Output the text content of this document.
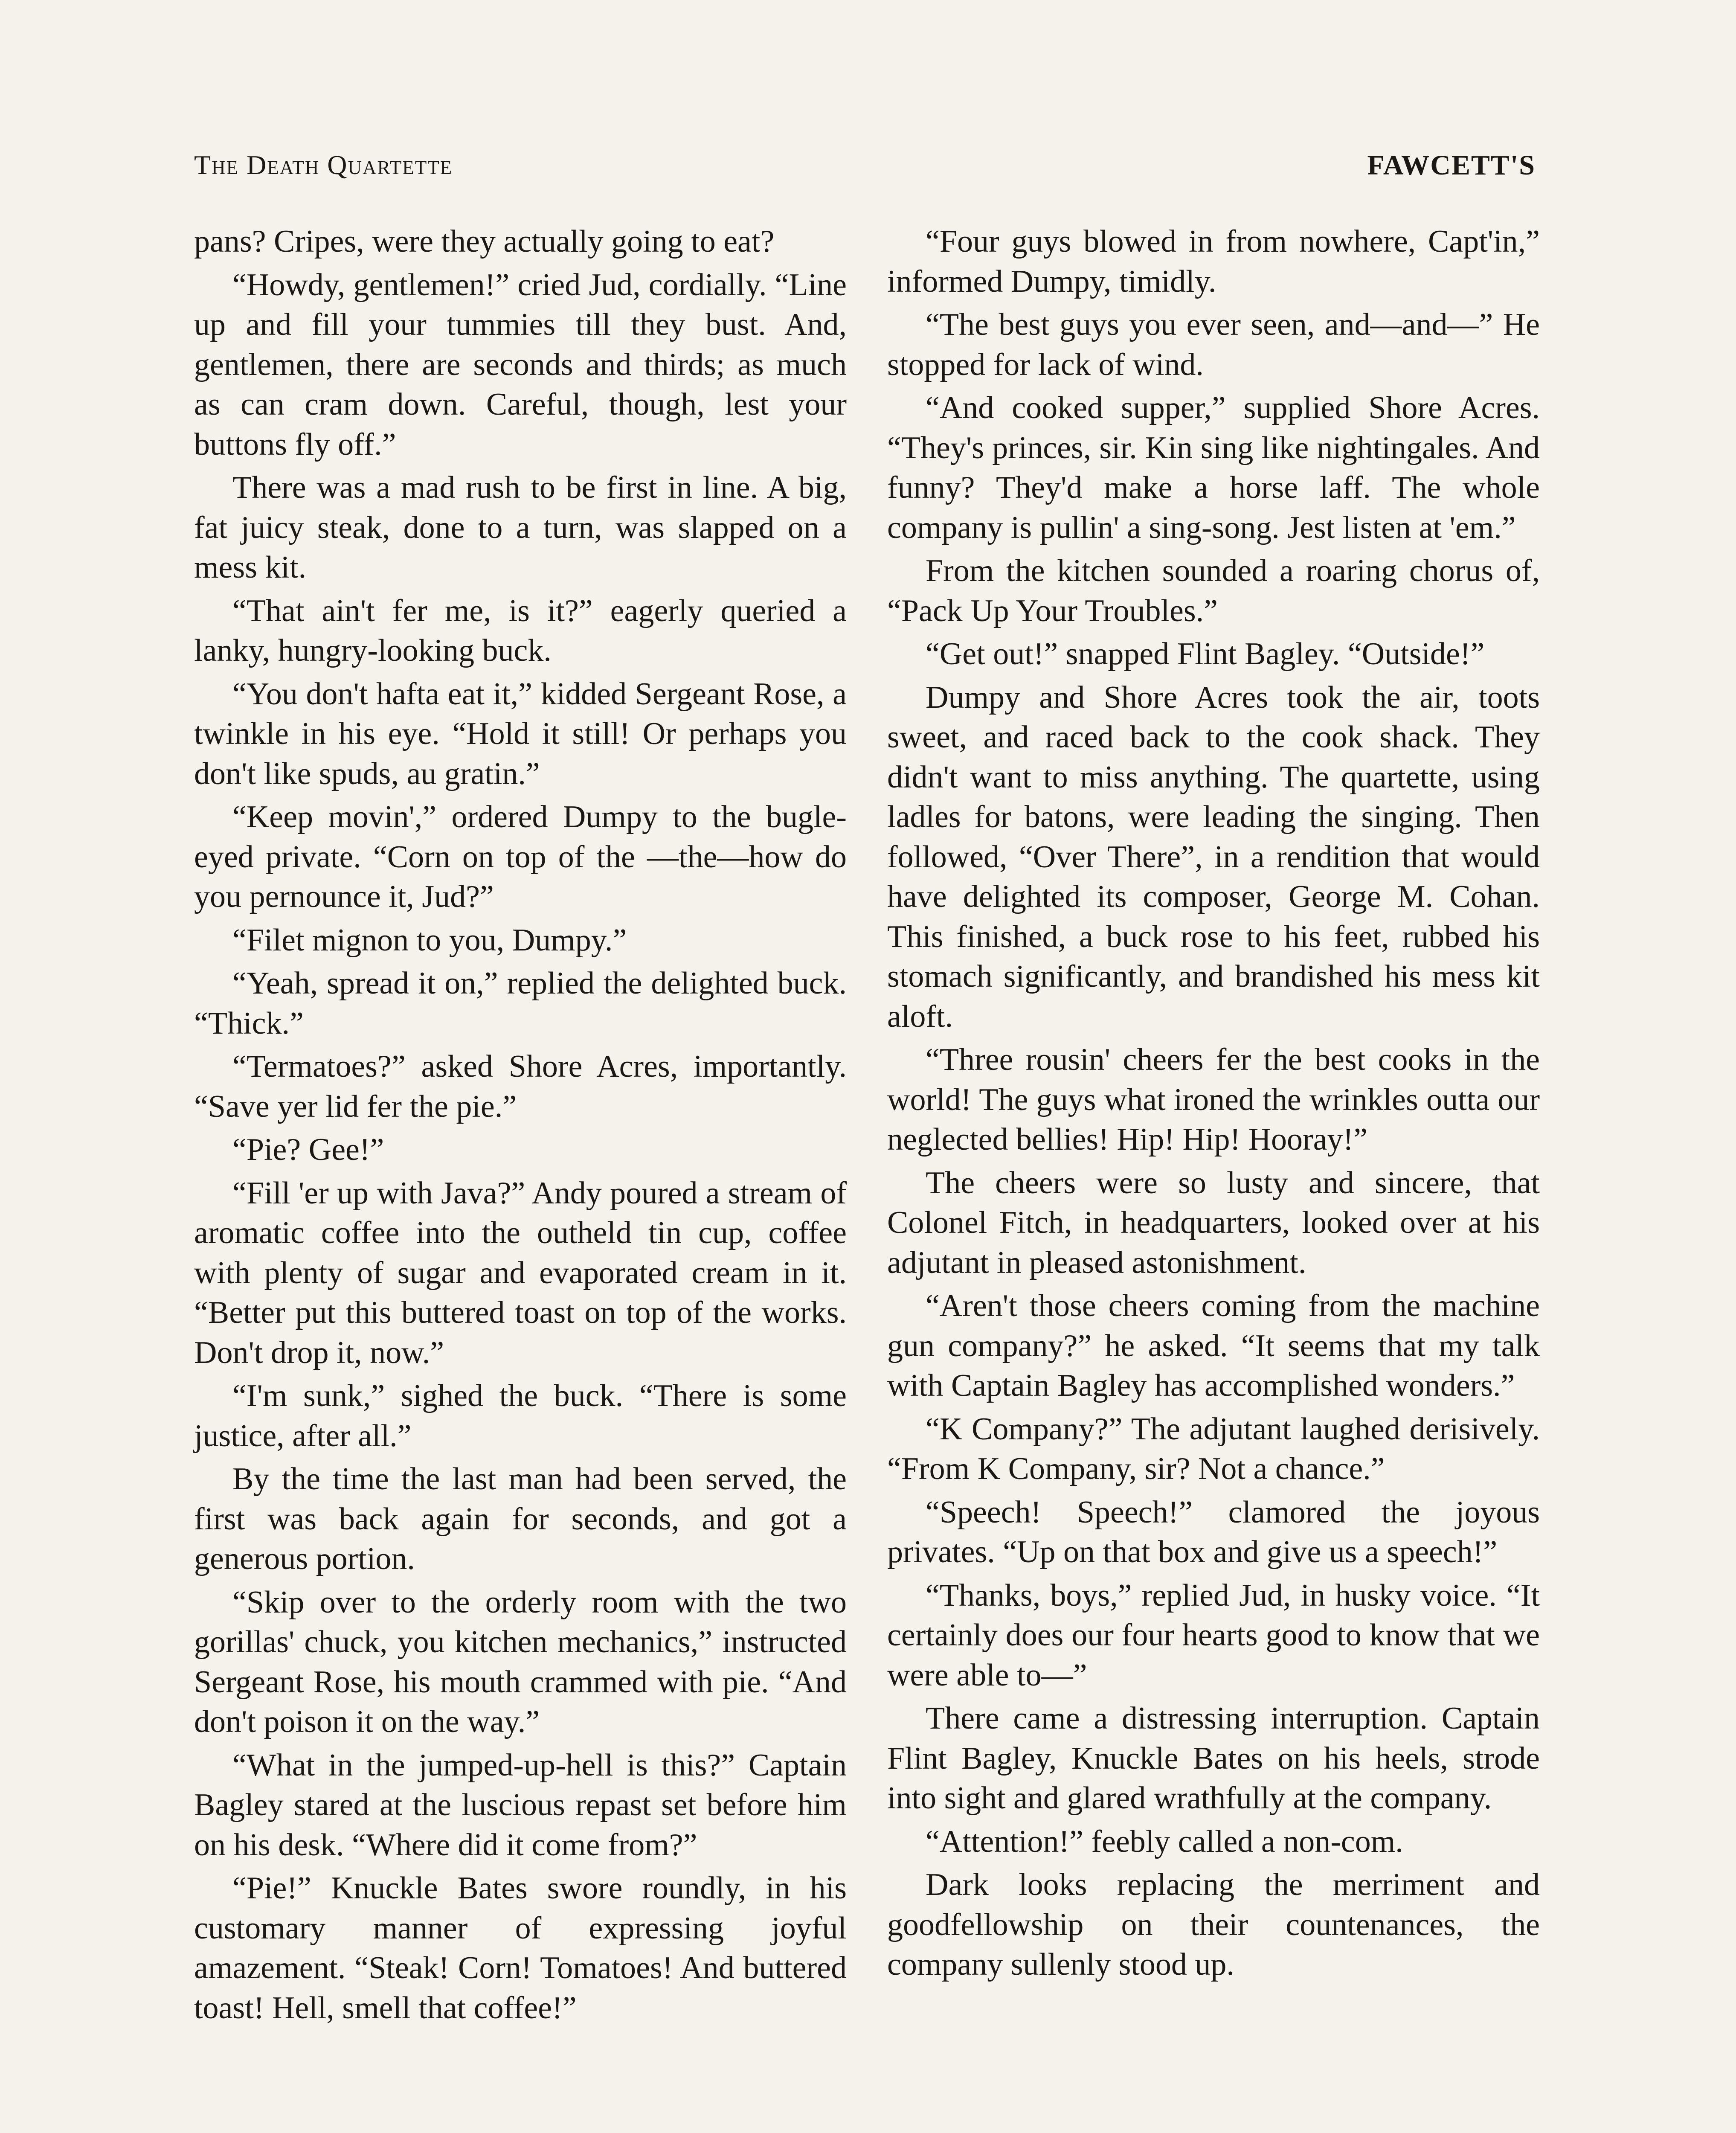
The Death Quartette	FAWCETT'S

pans? Cripes, were they actually going to eat?

“Howdy, gentlemen!” cried Jud, cordially. “Line up and fill your tummies till they bust. And, gentlemen, there are seconds and thirds; as much as can cram down. Careful, though, lest your buttons fly off.”

There was a mad rush to be first in line. A big, fat juicy steak, done to a turn, was slapped on a mess kit.

“That ain't fer me, is it?” eagerly queried a lanky, hungry-looking buck.

“You don't hafta eat it,” kidded Sergeant Rose, a twinkle in his eye. “Hold it still! Or perhaps you don't like spuds, au gratin.”

“Keep movin',” ordered Dumpy to the bugle-eyed private. “Corn on top of the —the—how do you pernounce it, Jud?”

“Filet mignon to you, Dumpy.”

“Yeah, spread it on,” replied the delighted buck. “Thick.”

“Termatoes?” asked Shore Acres, importantly. “Save yer lid fer the pie.”

“Pie? Gee!”

“Fill 'er up with Java?” Andy poured a stream of aromatic coffee into the outheld tin cup, coffee with plenty of sugar and evaporated cream in it. “Better put this buttered toast on top of the works. Don't drop it, now.”

“I'm sunk,” sighed the buck. “There is some justice, after all.”

By the time the last man had been served, the first was back again for seconds, and got a generous portion.

“Skip over to the orderly room with the two gorillas' chuck, you kitchen mechanics,” instructed Sergeant Rose, his mouth crammed with pie. “And don't poison it on the way.”

“What in the jumped-up-hell is this?” Captain Bagley stared at the luscious repast set before him on his desk. “Where did it come from?”

“Pie!” Knuckle Bates swore roundly, in his customary manner of expressing joyful amazement. “Steak! Corn! Tomatoes! And buttered toast! Hell, smell that coffee!”

“Four guys blowed in from nowhere, Capt'in,” informed Dumpy, timidly.

“The best guys you ever seen, and—and—” He stopped for lack of wind.

“And cooked supper,” supplied Shore Acres. “They's princes, sir. Kin sing like nightingales. And funny? They'd make a horse laff. The whole company is pullin' a sing-song. Jest listen at 'em.”

From the kitchen sounded a roaring chorus of, “Pack Up Your Troubles.”

“Get out!” snapped Flint Bagley. “Outside!”

Dumpy and Shore Acres took the air, toots sweet, and raced back to the cook shack. They didn't want to miss anything. The quartette, using ladles for batons, were leading the singing. Then followed, “Over There”, in a rendition that would have delighted its composer, George M. Cohan. This finished, a buck rose to his feet, rubbed his stomach significantly, and brandished his mess kit aloft.

“Three rousin' cheers fer the best cooks in the world! The guys what ironed the wrinkles outta our neglected bellies! Hip! Hip! Hooray!”

The cheers were so lusty and sincere, that Colonel Fitch, in headquarters, looked over at his adjutant in pleased astonishment.

“Aren't those cheers coming from the machine gun company?” he asked. “It seems that my talk with Captain Bagley has accomplished wonders.”

“K Company?” The adjutant laughed derisively. “From K Company, sir? Not a chance.”

“Speech! Speech!” clamored the joyous privates. “Up on that box and give us a speech!”

“Thanks, boys,” replied Jud, in husky voice. “It certainly does our four hearts good to know that we were able to—”

There came a distressing interruption. Captain Flint Bagley, Knuckle Bates on his heels, strode into sight and glared wrathfully at the company.

“Attention!” feebly called a non-com.

Dark looks replacing the merriment and goodfellowship on their countenances, the company sullenly stood up.
